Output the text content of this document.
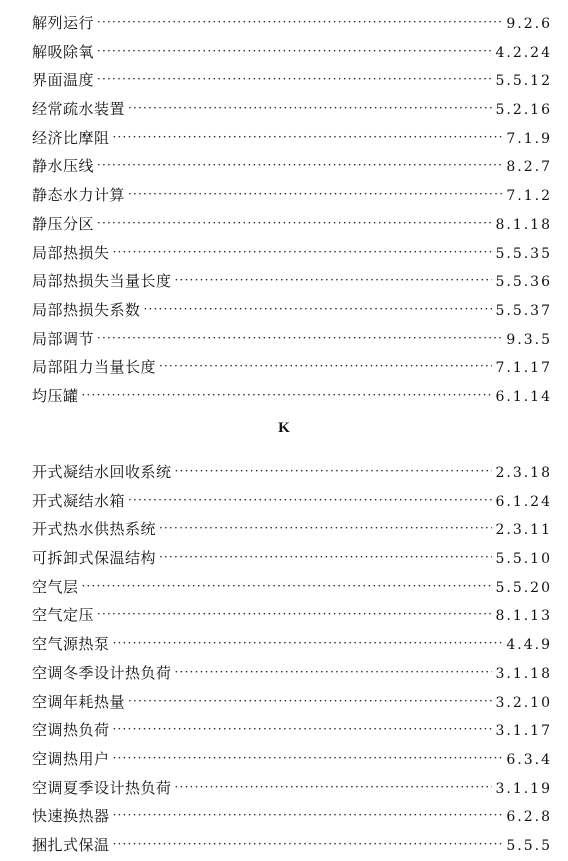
解列运行 ·····	9.2.6
解吸除氧 ·····	4.2.24
界面温度 ·····	5.5.12
经常疏水装置 ·····	5.2.16
经济比摩阻 ·····	7.1.9
静水压线 ·····	8.2.7
静态水力计算 ·····	7.1.2
静压分区 ·····	8.1.18
局部热损失 ·····	5.5.35
局部热损失当量长度 ·····	5.5.36
局部热损失系数 ·····	5.5.37
局部调节 ·····	9.3.5
局部阻力当量长度 ·····	7.1.17
均压罐 ·····	6.1.14
K
开式凝结水回收系统 ·····	2.3.18
开式凝结水箱 ·····	6.1.24
开式热水供热系统 ·····	2.3.11
可拆卸式保温结构 ·····	5.5.10
空气层 ·····	5.5.20
空气定压 ·····	8.1.13
空气源热泵 ·····	4.4.9
空调冬季设计热负荷 ·····	3.1.18
空调年耗热量 ·····	3.2.10
空调热负荷 ·····	3.1.17
空调热用户 ·····	6.3.4
空调夏季设计热负荷 ·····	3.1.19
快速换热器 ·····	6.2.8
捆扎式保温 ·····	5.5.5
